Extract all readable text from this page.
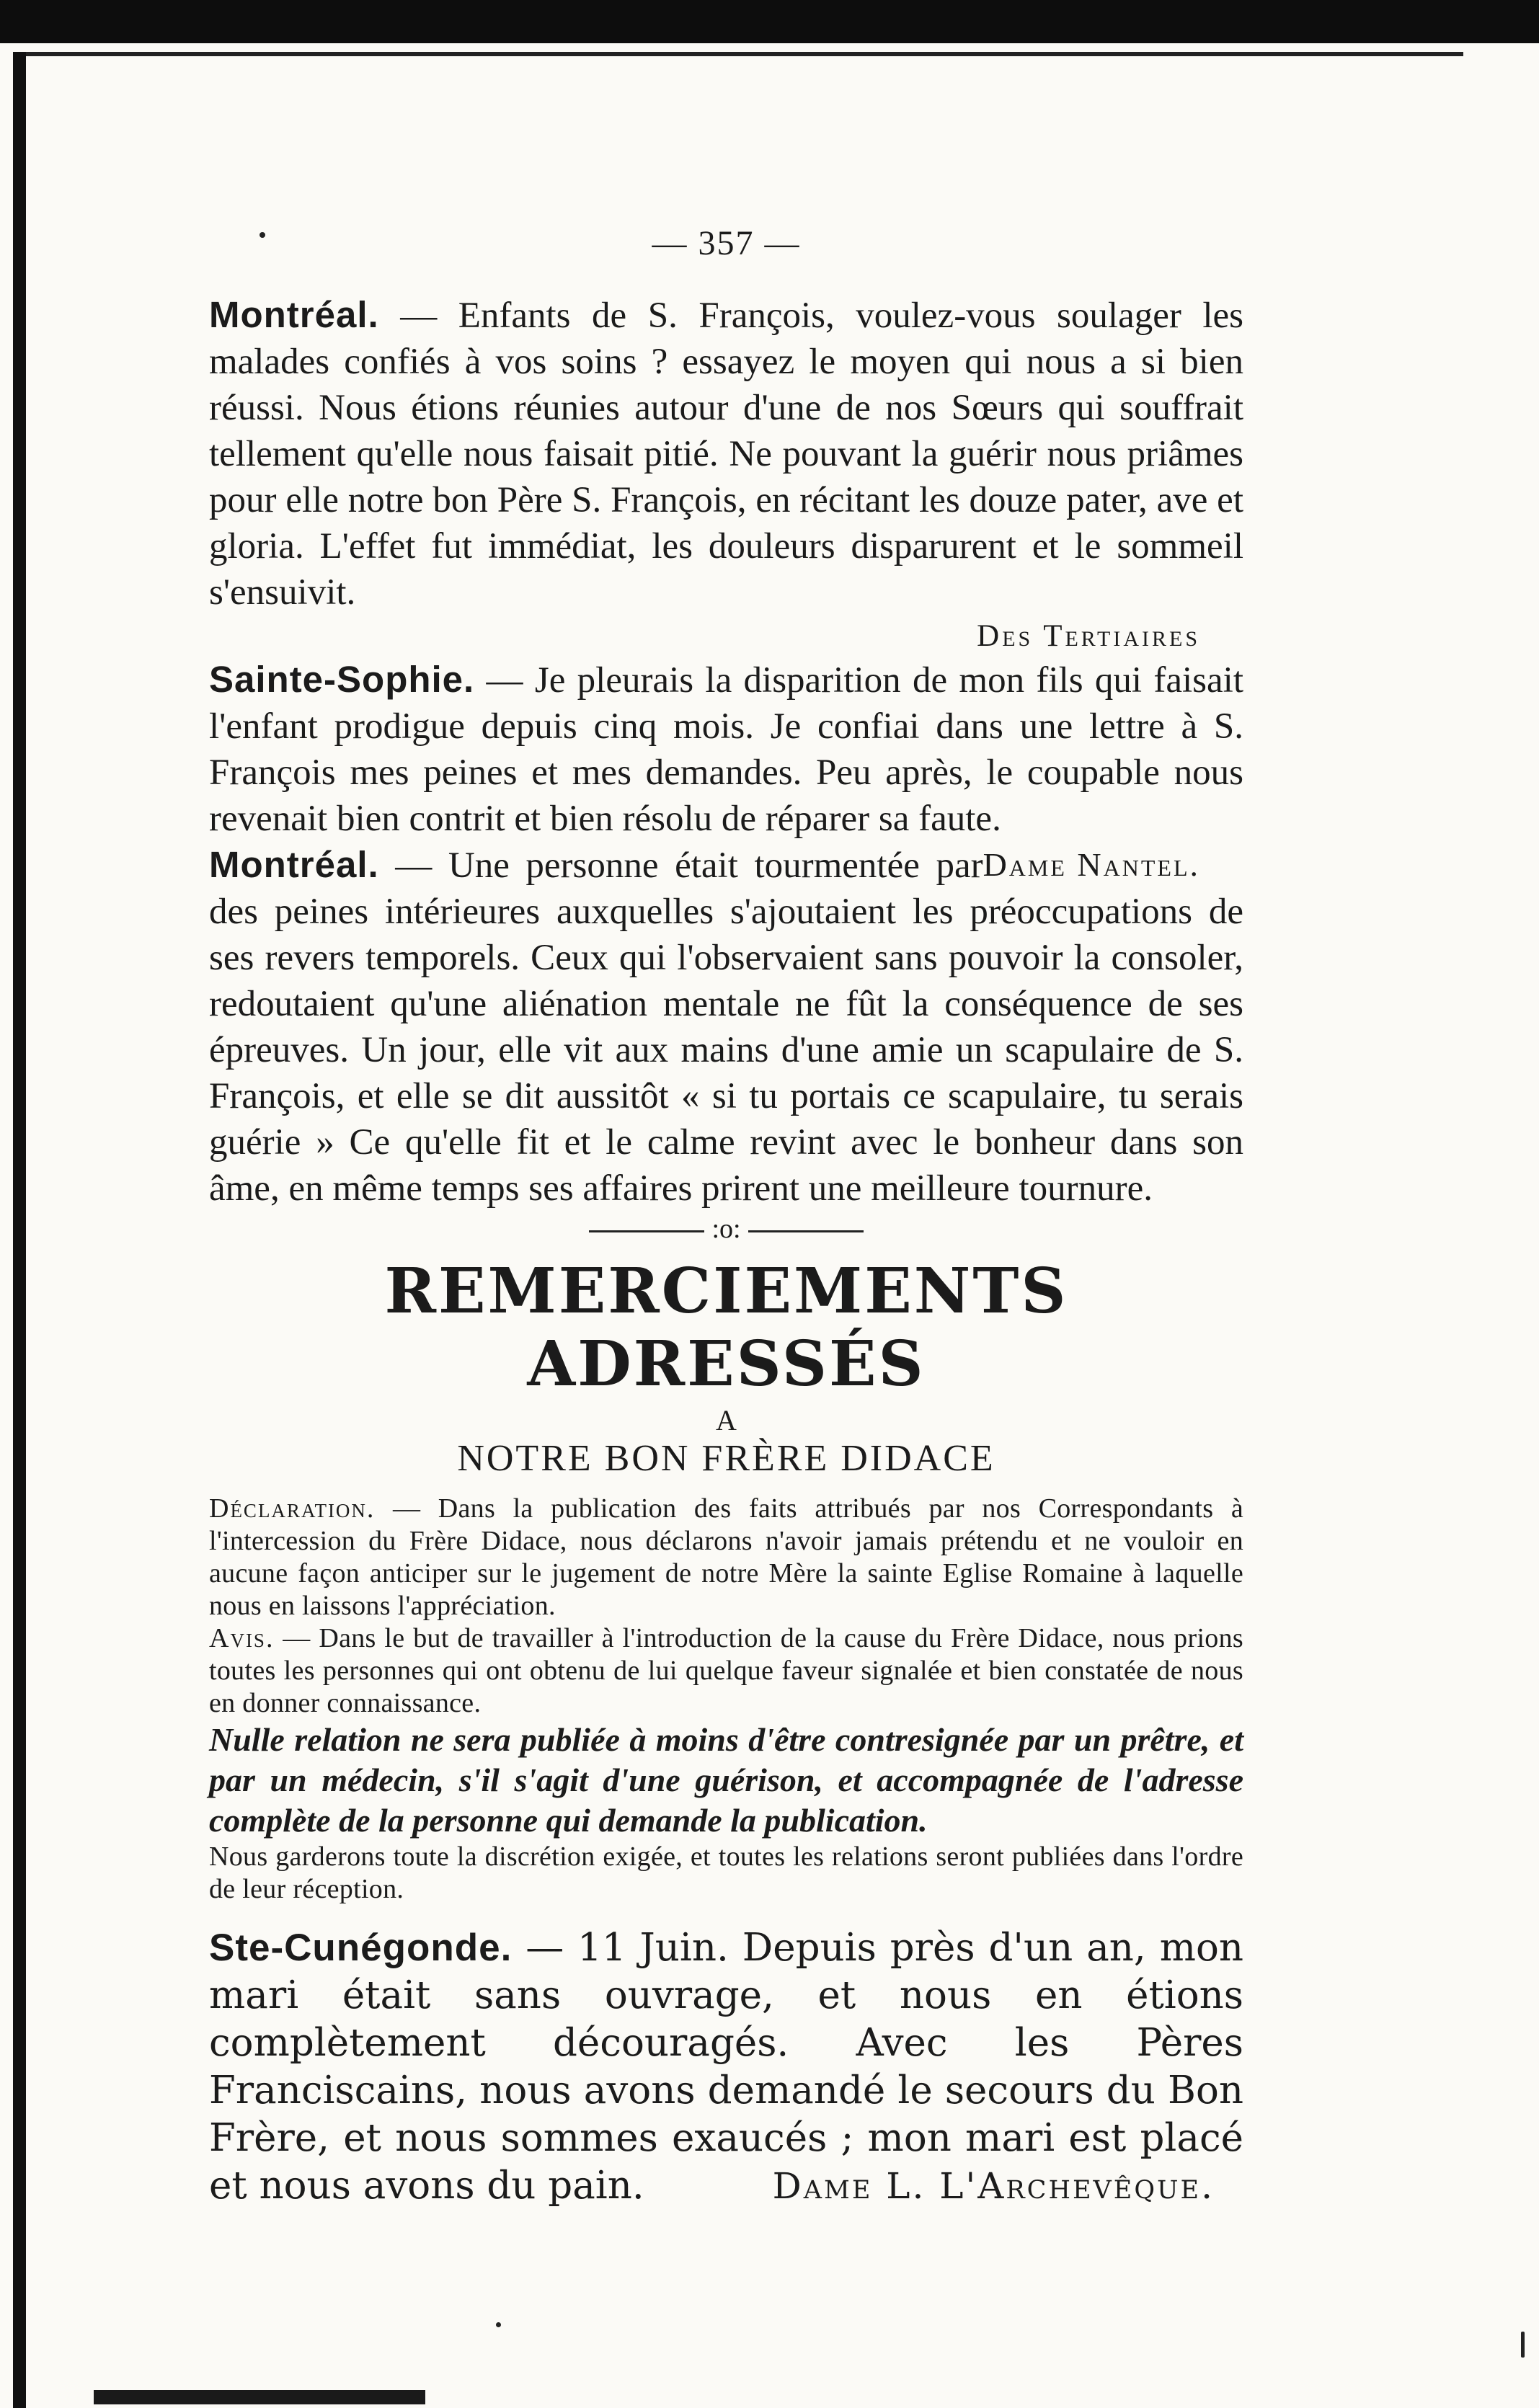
— 357 —

Montréal. — Enfants de S. François, voulez-vous soulager les malades confiés à vos soins ? essayez le moyen qui nous a si bien réussi. Nous étions réunies autour d'une de nos Sœurs qui souffrait tellement qu'elle nous faisait pitié. Ne pouvant la guérir nous priâmes pour elle notre bon Père S. François, en récitant les douze pater, ave et gloria. L'effet fut immédiat, les douleurs disparurent et le sommeil s'ensuivit.

Des Tertiaires

Sainte-Sophie. — Je pleurais la disparition de mon fils qui faisait l'enfant prodigue depuis cinq mois. Je confiai dans une lettre à S. François mes peines et mes demandes. Peu après, le coupable nous revenait bien contrit et bien résolu de réparer sa faute.
Dame Nantel.

Montréal. — Une personne était tourmentée par des peines intérieures auxquelles s'ajoutaient les préoccupations de ses revers temporels. Ceux qui l'observaient sans pouvoir la consoler, redoutaient qu'une aliénation mentale ne fût la conséquence de ses épreuves. Un jour, elle vit aux mains d'une amie un scapulaire de S. François, et elle se dit aussitôt « si tu portais ce scapulaire, tu serais guérie » Ce qu'elle fit et le calme revint avec le bonheur dans son âme, en même temps ses affaires prirent une meilleure tournure.

:o:
REMERCIEMENTS ADRESSÉS
A
NOTRE BON FRÈRE DIDACE

Déclaration. — Dans la publication des faits attribués par nos Correspondants à l'intercession du Frère Didace, nous déclarons n'avoir jamais prétendu et ne vouloir en aucune façon anticiper sur le jugement de notre Mère la sainte Eglise Romaine à laquelle nous en laissons l'appréciation.

Avis. — Dans le but de travailler à l'introduction de la cause du Frère Didace, nous prions toutes les personnes qui ont obtenu de lui quelque faveur signalée et bien constatée de nous en donner connaissance.

Nulle relation ne sera publiée à moins d'être contresignée par un prêtre, et par un médecin, s'il s'agit d'une guérison, et accompagnée de l'adresse complète de la personne qui demande la publication.

Nous garderons toute la discrétion exigée, et toutes les relations seront publiées dans l'ordre de leur réception.

Ste-Cunégonde. — 11 Juin. Depuis près d'un an, mon mari était sans ouvrage, et nous en étions complètement découragés. Avec les Pères Franciscains, nous avons demandé le secours du Bon Frère, et nous sommes exaucés ; mon mari est placé et nous avons du pain.	Dame L. L'Archevêque.
